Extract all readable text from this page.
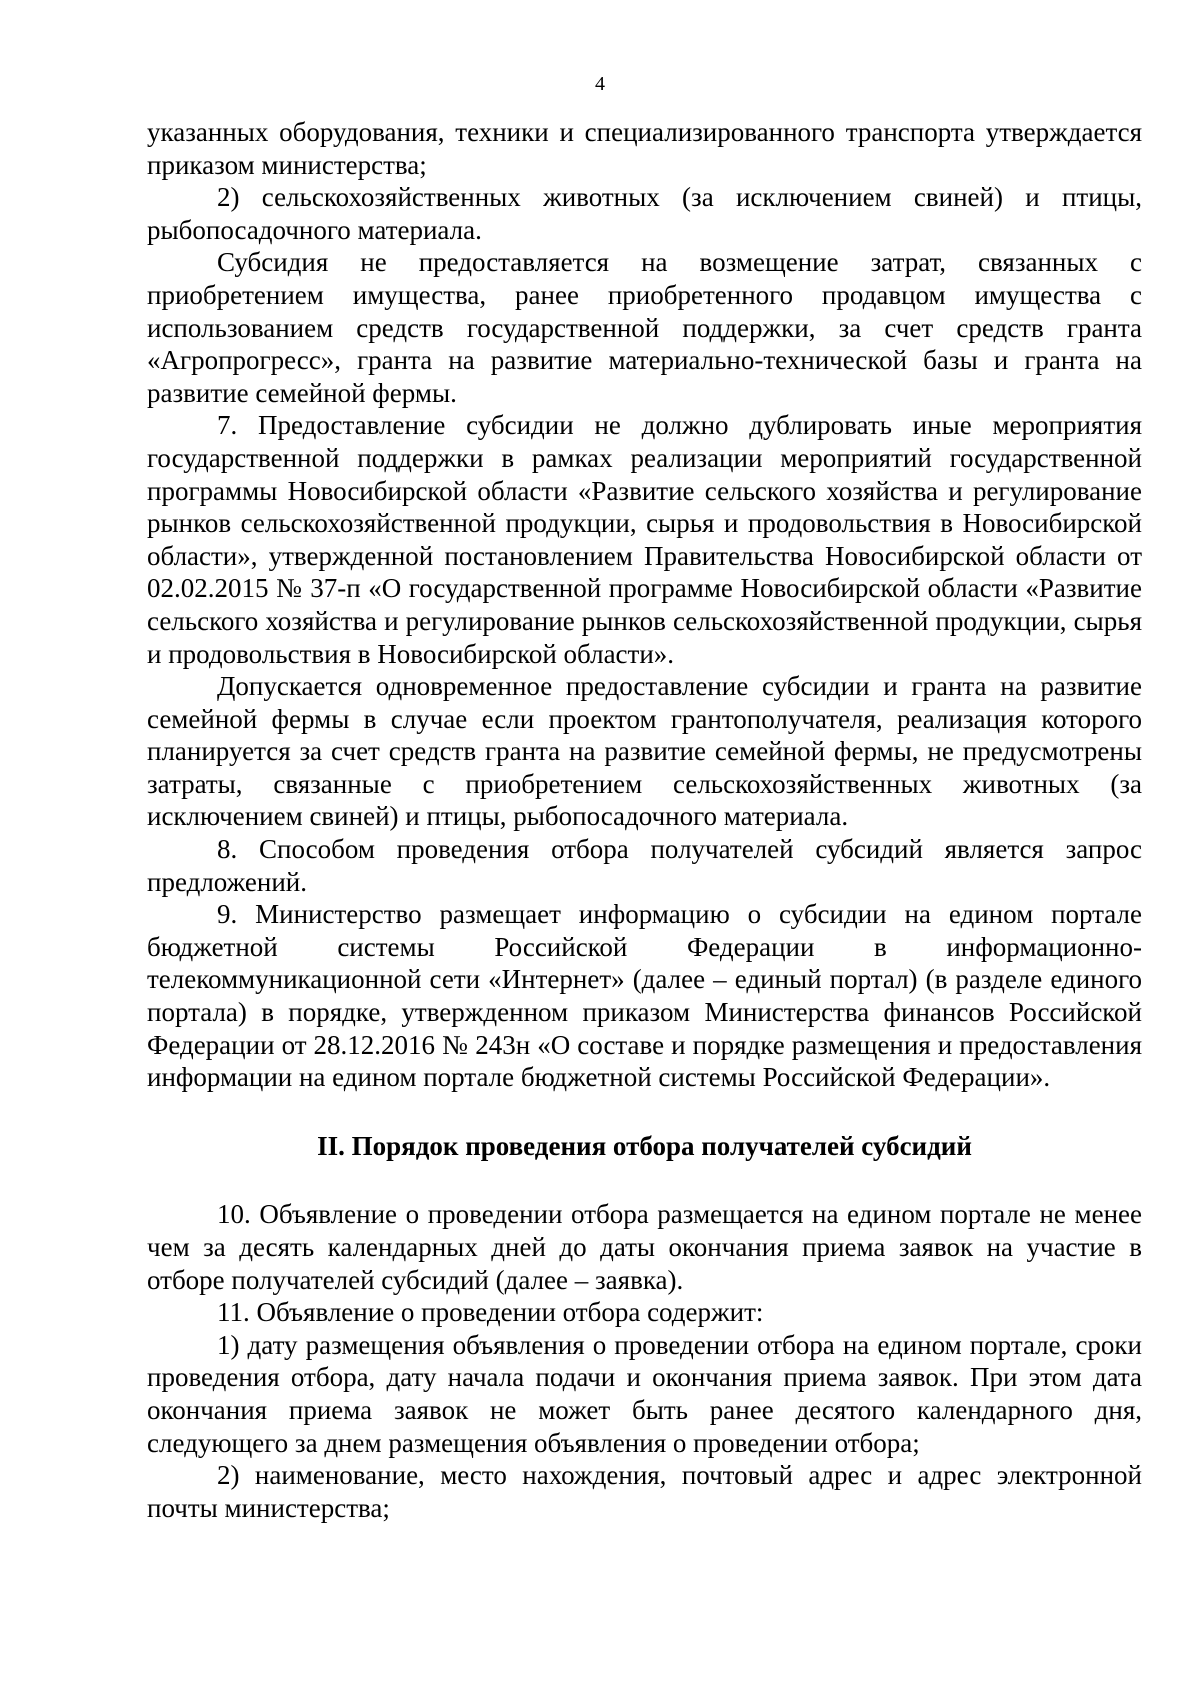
4

указанных оборудования, техники и специализированного транспорта утверждается приказом министерства;

2) сельскохозяйственных животных (за исключением свиней) и птицы, рыбопосадочного материала.

Субсидия не предоставляется на возмещение затрат, связанных с приобретением имущества, ранее приобретенного продавцом имущества с использованием средств государственной поддержки, за счет средств гранта «Агропрогресс», гранта на развитие материально-технической базы и гранта на развитие семейной фермы.

7. Предоставление субсидии не должно дублировать иные мероприятия государственной поддержки в рамках реализации мероприятий государственной программы Новосибирской области «Развитие сельского хозяйства и регулирование рынков сельскохозяйственной продукции, сырья и продовольствия в Новосибирской области», утвержденной постановлением Правительства Новосибирской области от 02.02.2015 № 37-п «О государственной программе Новосибирской области «Развитие сельского хозяйства и регулирование рынков сельскохозяйственной продукции, сырья и продовольствия в Новосибирской области».

Допускается одновременное предоставление субсидии и гранта на развитие семейной фермы в случае если проектом грантополучателя, реализация которого планируется за счет средств гранта на развитие семейной фермы, не предусмотрены затраты, связанные с приобретением сельскохозяйственных животных (за исключением свиней) и птицы, рыбопосадочного материала.

8. Способом проведения отбора получателей субсидий является запрос предложений.

9. Министерство размещает информацию о субсидии на едином портале бюджетной системы Российской Федерации в информационно-телекоммуникационной сети «Интернет» (далее – единый портал) (в разделе единого портала) в порядке, утвержденном приказом Министерства финансов Российской Федерации от 28.12.2016 № 243н «О составе и порядке размещения и предоставления информации на едином портале бюджетной системы Российской Федерации».

II. Порядок проведения отбора получателей субсидий

10. Объявление о проведении отбора размещается на едином портале не менее чем за десять календарных дней до даты окончания приема заявок на участие в отборе получателей субсидий (далее – заявка).

11. Объявление о проведении отбора содержит:

1) дату размещения объявления о проведении отбора на едином портале, сроки проведения отбора, дату начала подачи и окончания приема заявок. При этом дата окончания приема заявок не может быть ранее десятого календарного дня, следующего за днем размещения объявления о проведении отбора;

2) наименование, место нахождения, почтовый адрес и адрес электронной почты министерства;
